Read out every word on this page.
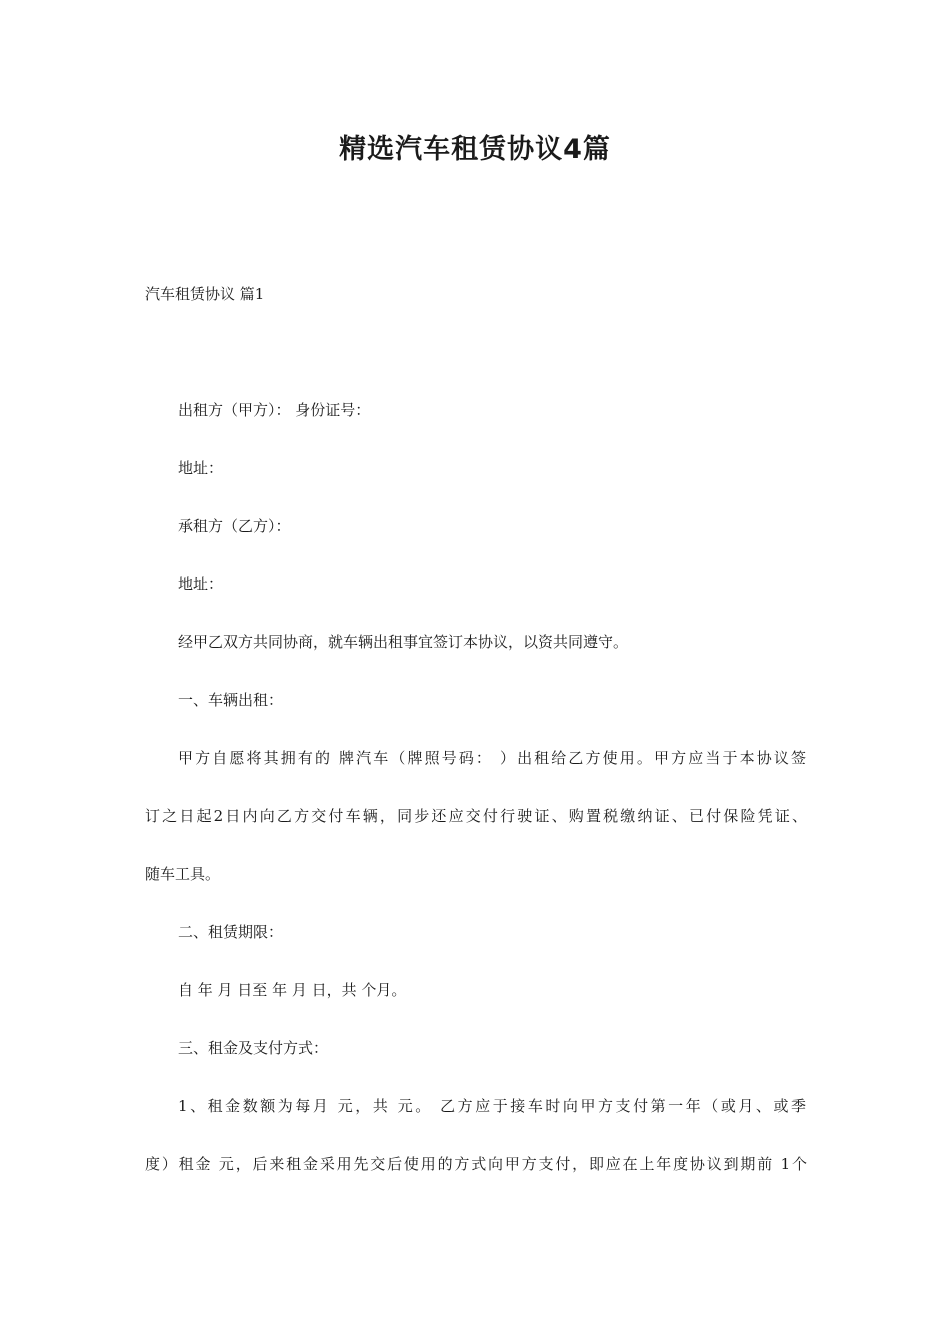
精选汽车租赁协议4篇

汽车租赁协议 篇1

出租方（甲方）： 身份证号：

地址：

承租方（乙方）：

地址：

经甲乙双方共同协商，就车辆出租事宜签订本协议，以资共同遵守。

一、车辆出租：

甲方自愿将其拥有的 牌汽车（牌照号码： ）出租给乙方使用。甲方应当于本协议签

订之日起2日内向乙方交付车辆，同步还应交付行驶证、购置税缴纳证、已付保险凭证、

随车工具。

二、租赁期限：

自 年 月 日至 年 月 日，共 个月。

三、租金及支付方式：

1、租金数额为每月 元，共 元。 乙方应于接车时向甲方支付第一年（或月、或季

度）租金 元，后来租金采用先交后使用的方式向甲方支付，即应在上年度协议到期前 1个
